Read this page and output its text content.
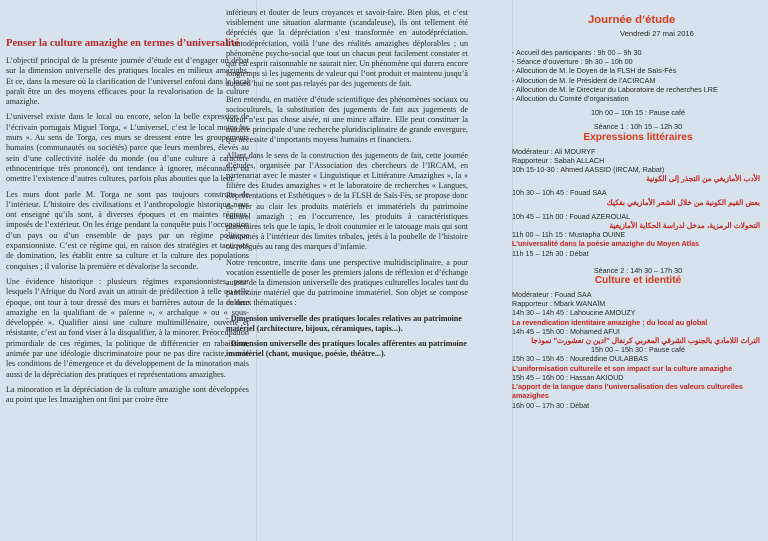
Penser la culture amazighe en termes d’universalité

L’objectif principal de la présente journée d’étude est d’engager un débat sur la dimension universelle des pratiques locales en milieux amazighs. Et ce, dans la mesure où la clarification de l’universel enfoui dans le local paraît être un des moyens efficaces pour la revalorisation de la culture amazighe.

L’universel existe dans le local ou encore, selon la belle expression de l’écrivain portugais Miguel Torga, « L’universel, c’est le local moins les murs ». Au sens de Torga, ces murs se dressent entre les groupements humains (communautés ou sociétés) parce que leurs membres, élevés au sein d’une collectivité isolée du monde (ou d’une culture à caractère ethnocentrique très prononcé), ont tendance à ignorer, méconnaître ou omettre l’existence d’autres cultures, parfois plus abouties que la leur.

Les murs dont parle M. Torga ne sont pas toujours construits de l’intérieur. L’histoire des civilisations et l’anthropologie historique nous ont enseigné qu’ils sont, à diverses époques et en maintes régions, imposés de l’extérieur. On les érige pendant la conquête puis l’occupation d’un pays ou d’un ensemble de pays par un régime politique expansionniste. C’est ce régime qui, en raison des stratégies et tactiques de domination, les établit entre sa culture et la culture des populations conquises ; il valorise la première et dévalorise la seconde.

Une évidence historique : plusieurs régimes expansionnistes, pour lesquels l’Afrique du Nord avait un attrait de prédilection à telle ou telle époque, ont tour à tour dressé des murs et barrières autour de la culture amazighe en la qualifiant de « païenne », « archaïque » ou « sous-développée ». Qualifier ainsi une culture multimillénaire, ouverte et résistante, c’est au fond viser à la disqualifier, à la minorer. Préoccupation primordiale de ces régimes, la politique de différencier en rabaissant, animée par une idéologie discriminatoire pour ne pas dire raciste, a créé les conditions de l’émergence et du développement de la minoration mais aussi de la dépréciation des pratiques et représentations amazighes.

La minoration et la dépréciation de la culture amazighe sont développées au point que les Imazighen ont fini par croire être

inférieurs et douter de leurs croyances et savoir-faire. Bien plus, et c’est visiblement une situation alarmante (scandaleuse), ils ont tellement été dépréciés que la dépréciation s’est transformée en autodépréciation. L’autodépréciation, voilà l’une des réalités amazighes déplorables ; un phénomène psycho-social que tout un chacun peut facilement constater et qui est esprit raisonnable ne saurait nier. Un phénomène qui durera encore longtemps si les jugements de valeur qui l’ont produit et maintenu jusqu’à aujourd’hui ne sont pas relayés par des jugements de fait.

Bien entendu, en matière d’étude scientifique des phénomènes sociaux ou socioculturels, la substitution des jugements de fait aux jugements de valeur n’est pas chose aisée, ni une mince affaire. Elle peut constituer la matière principale d’une recherche pluridisciplinaire de grande envergure, qui nécessite d’importants moyens humains et financiers.

Allant dans le sens de la construction des jugements de fait, cette journée d’études, organisée par l’Association des chercheurs de l’IRCAM, en partenariat avec le master « Linguistique et Littérature Amazighes », la « filière des Etudes amazighes » et le laboratoire de recherches « Langues, Représentations et Esthétiques » de la FLSH de Saïs-Fès, se propose donc de tirer au clair les produits matériels et immatériels du patrimoine culturel amazigh ; en l’occurrence, les produits à caractéristiques planétaires tels que le tapis, le droit coutumier et le tatouage mais qui sont cantonnés à l’intérieur des limites tribales, jetés à la poubelle de l’histoire ou relégués au rang des marques d’infamie.

Notre rencontre, inscrite dans une perspective multidisciplinaire, a pour vocation essentielle de poser les premiers jalons de réflexion et d’échange autour de la dimension universelle des pratiques culturelles locales tant du patrimoine matériel que du patrimoine immatériel. Son objet se compose de deux thématiques :

- Dimension universelle des pratiques locales relatives au patrimoine matériel (architecture, bijoux, céramiques, tapis...).

- Dimension universelle des pratiques locales afférentes au patrimoine immatériel (chant, musique, poésie, théâtre...).

Journée d’étude
Vendredi 27 mai 2016
- Accueil des participants : 9h 00 – 9h 30
- Séance d’ouverture : 9h 30 – 10h 00
- Allocution de M. le Doyen de la FLSH de Saïs-Fès
- Allocution de M. le Président de l’ACIRCAM
- Allocution de M. le Directeur du Laboratoire de recherches LRE
- Allocution du Comité d’organisation
10h 00 – 10h 15 : Pause café
Séance 1 : 10h 15 – 12h 30
Expressions littéraires
Modérateur : Ali MOURYF
Rapporteur : Sabah ALLACH
10h 15-10-30 : Ahmed AASSID (IRCAM, Rabat)
الأدب الأمازيغي من التجذر إلى الكونية
10h 30 – 10h 45 : Fouad SAA
بعض القيم الكونية من خلال الشعر الأمازيغي بفكيك
10h 45 – 11h 00 : Fouad AZEROUAL
التحولات الرمزية، مدخل لدراسة الحكاية الأمازيغية
11h 00 – 11h 15 : Mustapha OUINE
L’universalité dans la poésie amazighe du Moyen Atlas
11h 15 – 12h 30 : Débat
Séance 2 : 14h 30 – 17h 30
Culture et identité
Modérateur : Fouad SAA
Rapporteur : Mbark WANAÏM
14h 30 – 14h 45 : Lahoucine AMOUZY
La revendication identitaire amazighe : du local au global
14h 45 – 15h 00 : Mohamed AFUI
التراث اللامادي بالجنوب الشرقي المغربي كرنفال "ادين ن تعشورت" نموذجا
15h 00 – 15h 30 : Pause café
15h 30 – 15h 45 : Noureddine OULABBAS
L’uniformisation culturelle et son impact sur la culture amazighe
15h 45 – 16h 00 : Hassan AKIOUD
L’apport de la langue dans l’universalisation des valeurs culturelles amazighes
16h 00 – 17h 30 : Débat
